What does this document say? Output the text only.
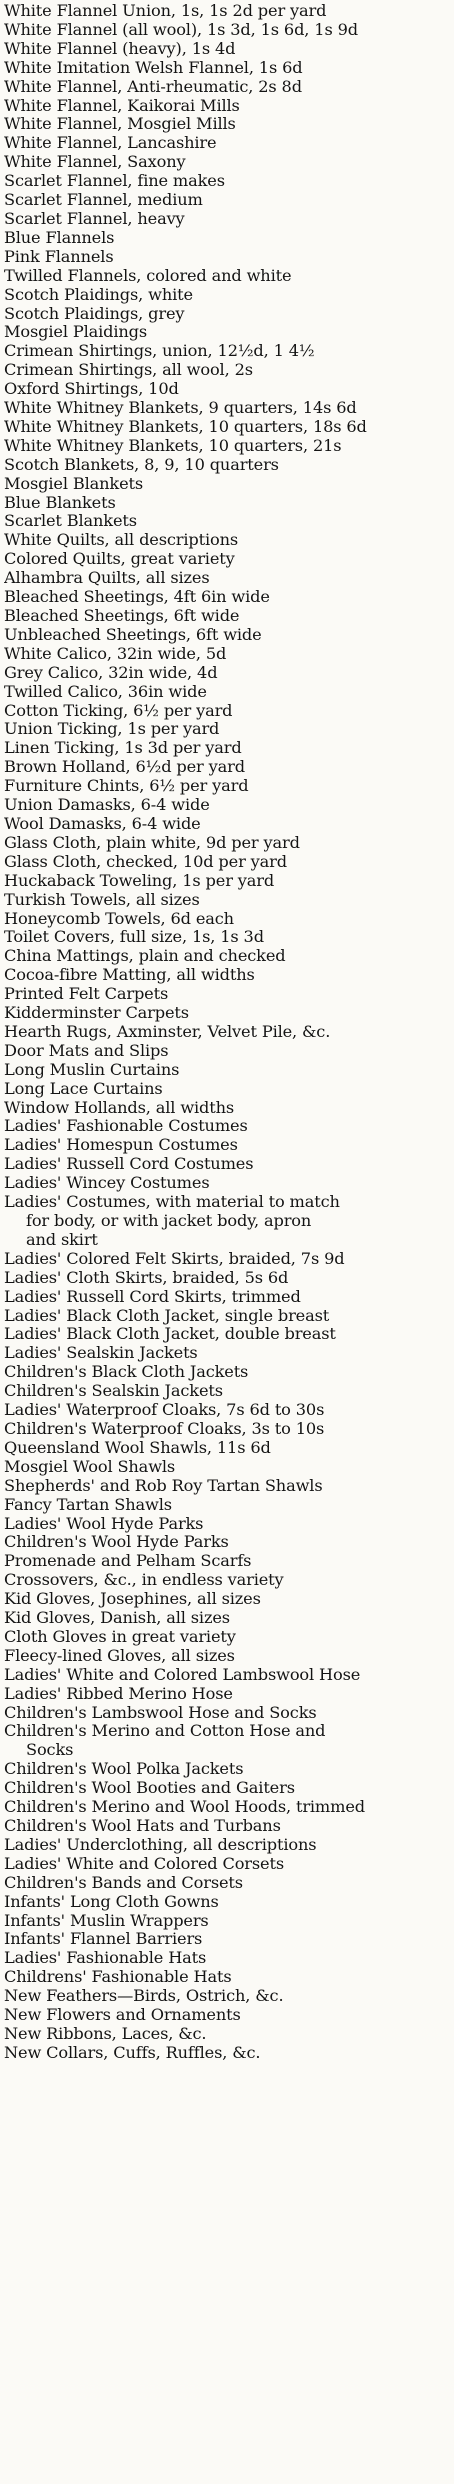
White Flannel Union, 1s, 1s 2d per yard
White Flannel (all wool), 1s 3d, 1s 6d, 1s 9d
White Flannel (heavy), 1s 4d
White Imitation Welsh Flannel, 1s 6d
White Flannel, Anti-rheumatic, 2s 8d
White Flannel, Kaikorai Mills
White Flannel, Mosgiel Mills
White Flannel, Lancashire
White Flannel, Saxony
Scarlet Flannel, fine makes
Scarlet Flannel, medium
Scarlet Flannel, heavy
Blue Flannels
Pink Flannels
Twilled Flannels, colored and white
Scotch Plaidings, white
Scotch Plaidings, grey
Mosgiel Plaidings
Crimean Shirtings, union, 12½d, 1 4½
Crimean Shirtings, all wool, 2s
Oxford Shirtings, 10d
White Whitney Blankets, 9 quarters, 14s 6d
White Whitney Blankets, 10 quarters, 18s 6d
White Whitney Blankets, 10 quarters, 21s
Scotch Blankets, 8, 9, 10 quarters
Mosgiel Blankets
Blue Blankets
Scarlet Blankets
White Quilts, all descriptions
Colored Quilts, great variety
Alhambra Quilts, all sizes
Bleached Sheetings, 4ft 6in wide
Bleached Sheetings, 6ft wide
Unbleached Sheetings, 6ft wide
White Calico, 32in wide, 5d
Grey Calico, 32in wide, 4d
Twilled Calico, 36in wide
Cotton Ticking, 6½ per yard
Union Ticking, 1s per yard
Linen Ticking, 1s 3d per yard
Brown Holland, 6½d per yard
Furniture Chints, 6½ per yard
Union Damasks, 6-4 wide
Wool Damasks, 6-4 wide
Glass Cloth, plain white, 9d per yard
Glass Cloth, checked, 10d per yard
Huckaback Toweling, 1s per yard
Turkish Towels, all sizes
Honeycomb Towels, 6d each
Toilet Covers, full size, 1s, 1s 3d
China Mattings, plain and checked
Cocoa-fibre Matting, all widths
Printed Felt Carpets
Kidderminster Carpets
Hearth Rugs, Axminster, Velvet Pile, &c.
Door Mats and Slips
Long Muslin Curtains
Long Lace Curtains
Window Hollands, all widths
Ladies' Fashionable Costumes
Ladies' Homespun Costumes
Ladies' Russell Cord Costumes
Ladies' Wincey Costumes
Ladies' Costumes, with material to match
for body, or with jacket body, apron
and skirt
Ladies' Colored Felt Skirts, braided, 7s 9d
Ladies' Cloth Skirts, braided, 5s 6d
Ladies' Russell Cord Skirts, trimmed
Ladies' Black Cloth Jacket, single breast
Ladies' Black Cloth Jacket, double breast
Ladies' Sealskin Jackets
Children's Black Cloth Jackets
Children's Sealskin Jackets
Ladies' Waterproof Cloaks, 7s 6d to 30s
Children's Waterproof Cloaks, 3s to 10s
Queensland Wool Shawls, 11s 6d
Mosgiel Wool Shawls
Shepherds' and Rob Roy Tartan Shawls
Fancy Tartan Shawls
Ladies' Wool Hyde Parks
Children's Wool Hyde Parks
Promenade and Pelham Scarfs
Crossovers, &c., in endless variety
Kid Gloves, Josephines, all sizes
Kid Gloves, Danish, all sizes
Cloth Gloves in great variety
Fleecy-lined Gloves, all sizes
Ladies' White and Colored Lambswool Hose
Ladies' Ribbed Merino Hose
Children's Lambswool Hose and Socks
Children's Merino and Cotton Hose and
Socks
Children's Wool Polka Jackets
Children's Wool Booties and Gaiters
Children's Merino and Wool Hoods, trimmed
Children's Wool Hats and Turbans
Ladies' Underclothing, all descriptions
Ladies' White and Colored Corsets
Children's Bands and Corsets
Infants' Long Cloth Gowns
Infants' Muslin Wrappers
Infants' Flannel Barriers
Ladies' Fashionable Hats
Childrens' Fashionable Hats
New Feathers—Birds, Ostrich, &c.
New Flowers and Ornaments
New Ribbons, Laces, &c.
New Collars, Cuffs, Ruffles, &c.
